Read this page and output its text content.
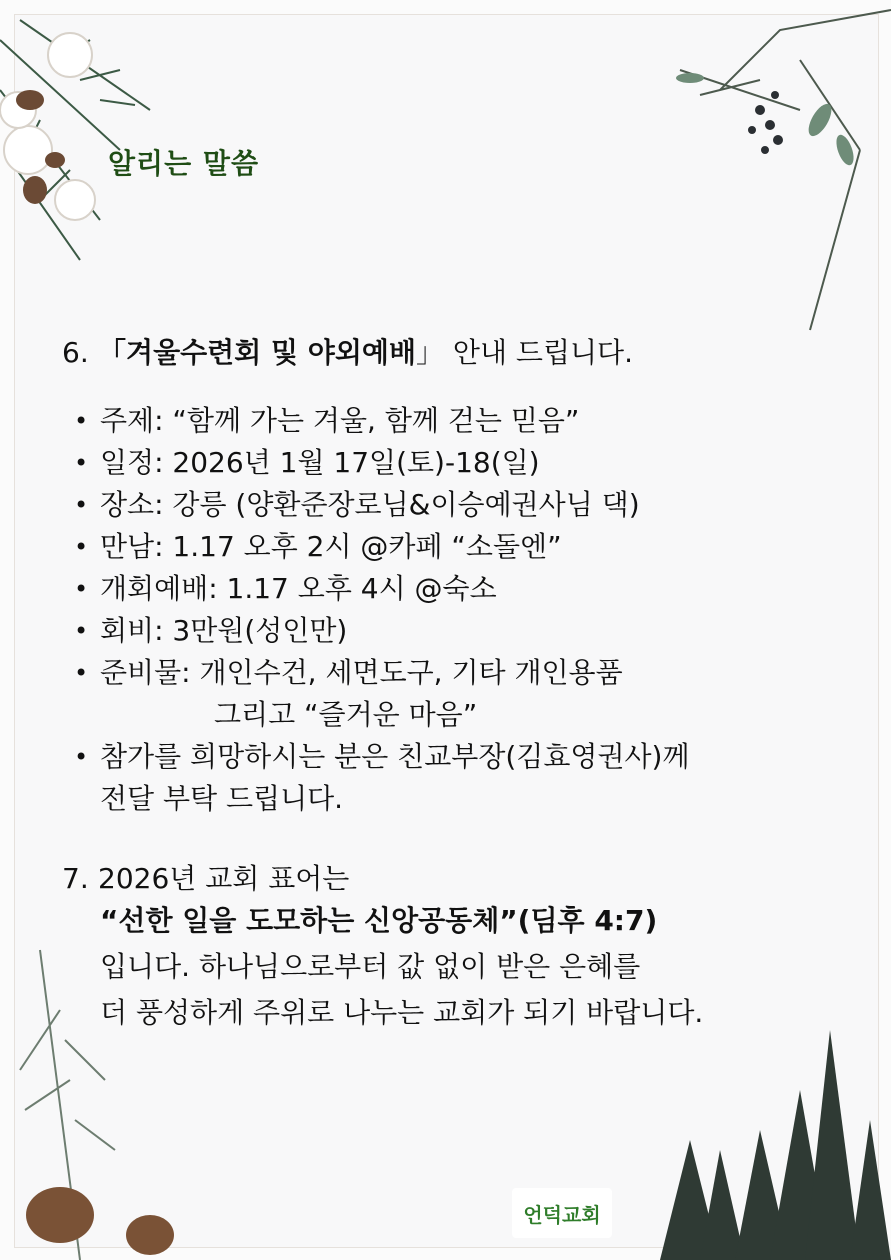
알리는 말씀

6. 「겨울수련회 및 야외예배」 안내 드립니다.

• 주제: “함께 가는 겨울, 함께 걷는 믿음”
• 일정: 2026년 1월 17일(토)-18(일)
• 장소: 강릉 (양환준장로님&이승예권사님 댁)
• 만남: 1.17 오후 2시 @카페 “소돌엔”
• 개회예배: 1.17 오후 4시 @숙소
• 회비: 3만원(성인만)
• 준비물: 개인수건, 세면도구, 기타 개인용품
그리고 “즐거운 마음”
• 참가를 희망하시는 분은 친교부장(김효영권사)께
전달 부탁 드립니다.

7. 2026년 교회 표어는

“선한 일을 도모하는 신앙공동체”(딤후 4:7)
입니다. 하나님으로부터 값 없이 받은 은혜를
더 풍성하게 주위로 나누는 교회가 되기 바랍니다.
언덕교회
